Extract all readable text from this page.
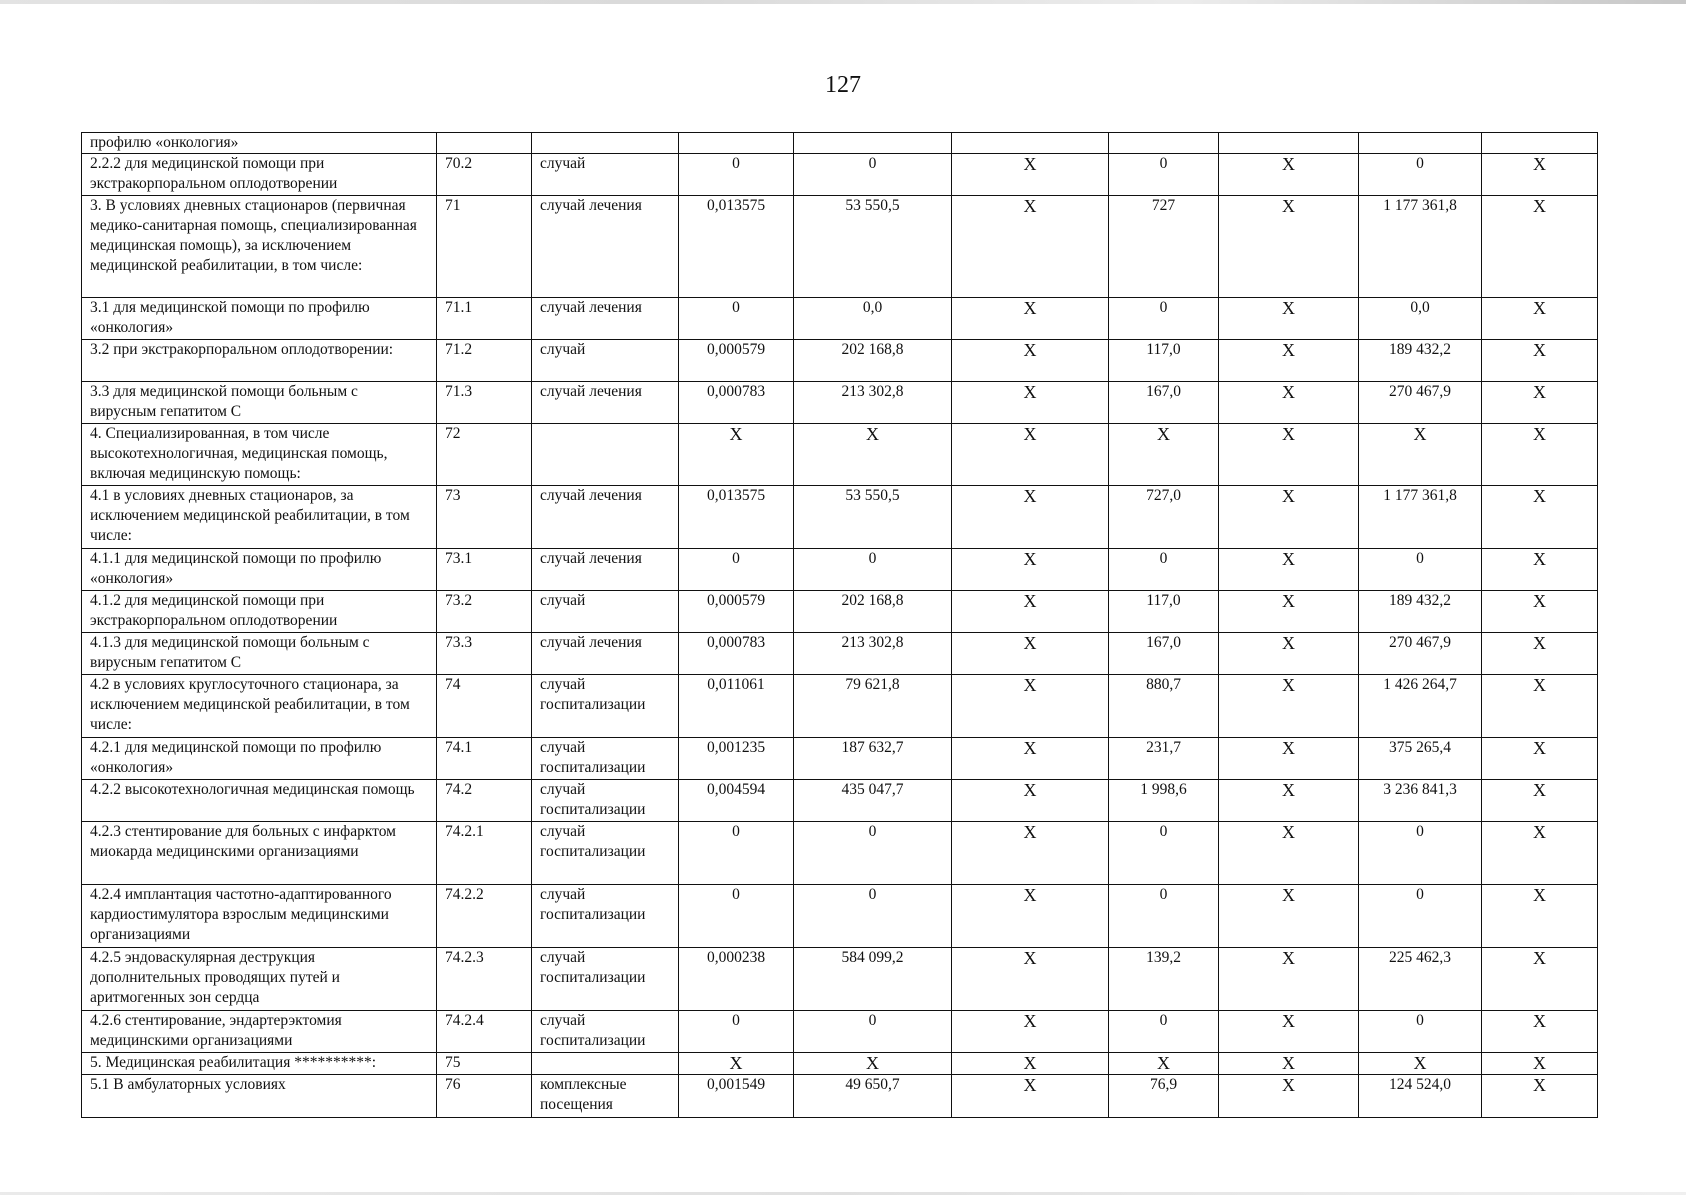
127
профилю «онкология»									
2.2.2 для медицинской помощи при экстракорпоральном оплодотворении	70.2	случай	0	0	Х	0	Х	0	Х
3. В условиях дневных стационаров (первичная медико-санитарная помощь, специализированная медицинская помощь), за исключением медицинской реабилитации, в том числе:	71	случай лечения	0,013575	53 550,5	Х	727	Х	1 177 361,8	Х
3.1 для медицинской помощи по профилю «онкология»	71.1	случай лечения	0	0,0	Х	0	Х	0,0	Х
3.2 при экстракорпоральном оплодотворении:	71.2	случай	0,000579	202 168,8	Х	117,0	Х	189 432,2	Х
3.3 для медицинской помощи больным с вирусным гепатитом С	71.3	случай лечения	0,000783	213 302,8	Х	167,0	Х	270 467,9	Х
4. Специализированная, в том числе высокотехнологичная, медицинская помощь, включая медицинскую помощь:	72		Х	Х	Х	Х	Х	Х	Х
4.1 в условиях дневных стационаров, за исключением медицинской реабилитации, в том числе:	73	случай лечения	0,013575	53 550,5	Х	727,0	Х	1 177 361,8	Х
4.1.1 для медицинской помощи по профилю «онкология»	73.1	случай лечения	0	0	Х	0	Х	0	Х
4.1.2 для медицинской помощи при экстракорпоральном оплодотворении	73.2	случай	0,000579	202 168,8	Х	117,0	Х	189 432,2	Х
4.1.3 для медицинской помощи больным с вирусным гепатитом С	73.3	случай лечения	0,000783	213 302,8	Х	167,0	Х	270 467,9	Х
4.2 в условиях круглосуточного стационара, за исключением медицинской реабилитации, в том числе:	74	случай госпитализации	0,011061	79 621,8	Х	880,7	Х	1 426 264,7	Х
4.2.1 для медицинской помощи по профилю «онкология»	74.1	случай госпитализации	0,001235	187 632,7	Х	231,7	Х	375 265,4	Х
4.2.2 высокотехнологичная медицинская помощь	74.2	случай госпитализации	0,004594	435 047,7	Х	1 998,6	Х	3 236 841,3	Х
4.2.3 стентирование для больных с инфарктом миокарда медицинскими организациями	74.2.1	случай госпитализации	0	0	Х	0	Х	0	Х
4.2.4 имплантация частотно-адаптированного кардиостимулятора взрослым медицинскими организациями	74.2.2	случай госпитализации	0	0	Х	0	Х	0	Х
4.2.5 эндоваскулярная деструкция дополнительных проводящих путей и аритмогенных зон сердца	74.2.3	случай госпитализации	0,000238	584 099,2	Х	139,2	Х	225 462,3	Х
4.2.6 стентирование, эндартерэктомия медицинскими организациями	74.2.4	случай госпитализации	0	0	Х	0	Х	0	Х
5. Медицинская реабилитация **********:	75		Х	Х	Х	Х	Х	Х	Х
5.1 В амбулаторных условиях	76	комплексные посещения	0,001549	49 650,7	Х	76,9	Х	124 524,0	Х
